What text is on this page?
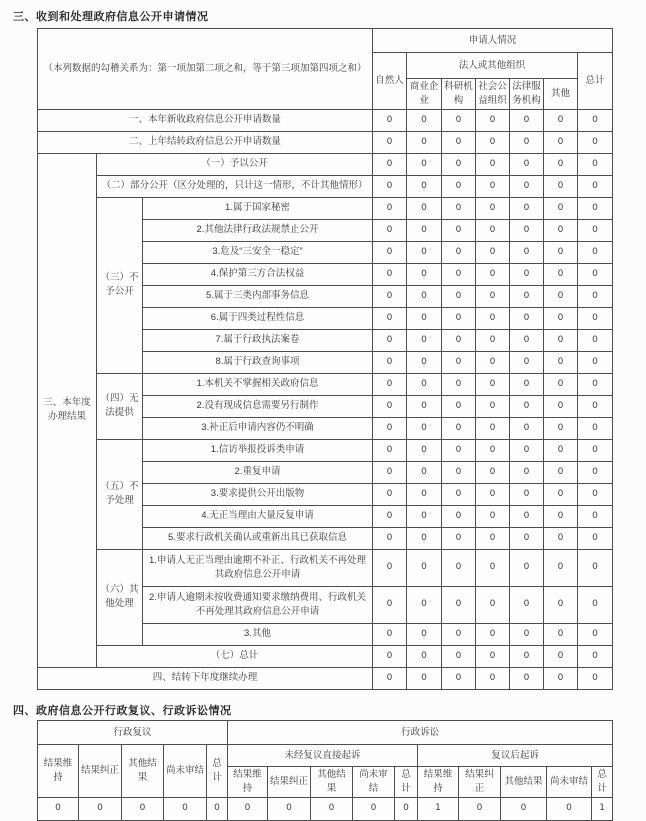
三、收到和处理政府信息公开申请情况
（本列数据的勾稽关系为：第一项加第二项之和，等于第三项加第四项之和）			申请人情况						
			自然人	法人或其他组织					总计
				商业企业	科研机构	社会公益组织	法律服务机构	其他	
一、本年新收政府信息公开申请数量			0	0	0	0	0	0	0
二、上年结转政府信息公开申请数量			0	0	0	0	0	0	0
三、本年度办理结果	（一）予以公开		0	0	0	0	0	0	0
	（二）部分公开（区分处理的，只计这一情形，不计其他情形）		0	0	0	0	0	0	0
	（三）不予公开	1.属于国家秘密	0	0	0	0	0	0	0
		2.其他法律行政法规禁止公开	0	0	0	0	0	0	0
		3.危及“三安全一稳定”	0	0	0	0	0	0	0
		4.保护第三方合法权益	0	0	0	0	0	0	0
		5.属于三类内部事务信息	0	0	0	0	0	0	0
		6.属于四类过程性信息	0	0	0	0	0	0	0
		7.属于行政执法案卷	0	0	0	0	0	0	0
		8.属于行政查询事项	0	0	0	0	0	0	0
	（四）无法提供	1.本机关不掌握相关政府信息	0	0	0	0	0	0	0
		2.没有现成信息需要另行制作	0	0	0	0	0	0	0
		3.补正后申请内容仍不明确	0	0	0	0	0	0	0
	（五）不予处理	1.信访举报投诉类申请	0	0	0	0	0	0	0
		2.重复申请	0	0	0	0	0	0	0
		3.要求提供公开出版物	0	0	0	0	0	0	0
		4.无正当理由大量反复申请	0	0	0	0	0	0	0
		5.要求行政机关确认或重新出具已获取信息	0	0	0	0	0	0	0
	（六）其他处理	1.申请人无正当理由逾期不补正、行政机关不再处理其政府信息公开申请	0	0	0	0	0	0	0
		2.申请人逾期未按收费通知要求缴纳费用、行政机关不再处理其政府信息公开申请	0	0	0	0	0	0	0
		3.其他	0	0	0	0	0	0	0
	（七）总计		0	0	0	0	0	0	0
四、结转下年度继续办理			0	0	0	0	0	0	0
四、政府信息公开行政复议、行政诉讼情况
行政复议					行政诉讼									
结果维持	结果纠正	其他结果	尚未审结	总计	未经复议直接起诉					复议后起诉				
					结果维持	结果纠正	其他结果	尚未审结	总计	结果维持	结果纠正	其他结果	尚未审结	总计
0	0	0	0	0	0	0	0	0	0	1	0	0	0	1
